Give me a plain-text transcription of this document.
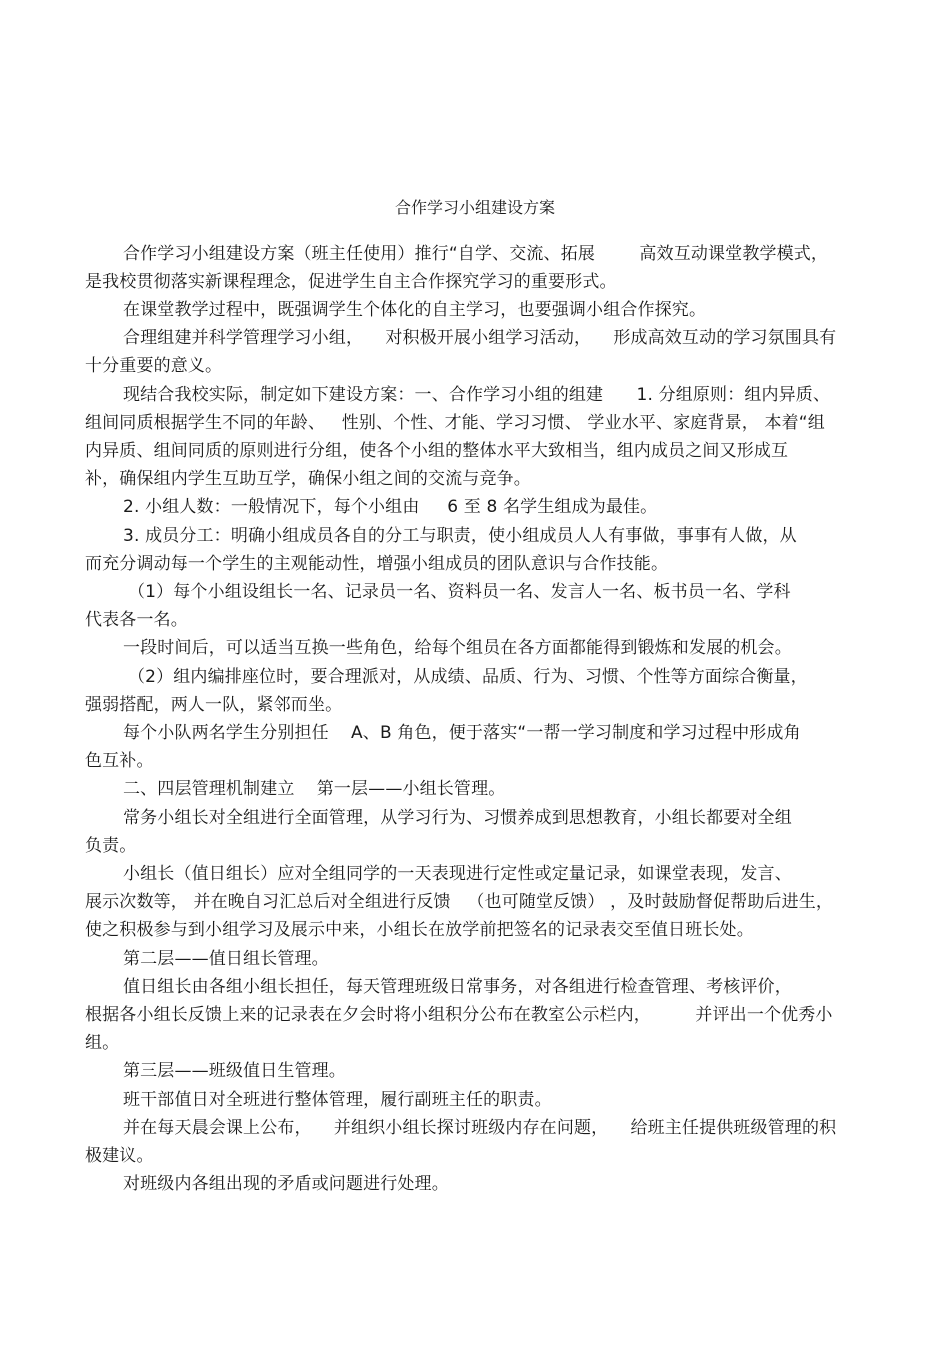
合作学习小组建设方案
合作学习小组建设方案（班主任使用）推行“自学、交流、拓展        高效互动课堂教学模式，
是我校贯彻落实新课程理念，促进学生自主合作探究学习的重要形式。
在课堂教学过程中，既强调学生个体化的自主学习，也要强调小组合作探究。
合理组建并科学管理学习小组，    对积极开展小组学习活动，    形成高效互动的学习氛围具有
十分重要的意义。
现结合我校实际，制定如下建设方案：一、合作学习小组的组建      1. 分组原则：组内异质、
组间同质根据学生不同的年龄、   性别、个性、才能、学习习惯、 学业水平、家庭背景， 本着“组
内异质、组间同质的原则进行分组，使各个小组的整体水平大致相当，组内成员之间又形成互
补，确保组内学生互助互学，确保小组之间的交流与竞争。
2. 小组人数：一般情况下，每个小组由     6 至 8 名学生组成为最佳。
3. 成员分工：明确小组成员各自的分工与职责，使小组成员人人有事做，事事有人做，从
而充分调动每一个学生的主观能动性，增强小组成员的团队意识与合作技能。
（1）每个小组设组长一名、记录员一名、资料员一名、发言人一名、板书员一名、学科
代表各一名。
一段时间后，可以适当互换一些角色，给每个组员在各方面都能得到锻炼和发展的机会。
（2）组内编排座位时，要合理派对，从成绩、品质、行为、习惯、个性等方面综合衡量，
强弱搭配，两人一队，紧邻而坐。
每个小队两名学生分别担任    A、B 角色，便于落实“一帮一学习制度和学习过程中形成角
色互补。
二、四层管理机制建立    第一层——小组长管理。
常务小组长对全组进行全面管理，从学习行为、习惯养成到思想教育，小组长都要对全组
负责。
小组长（值日组长）应对全组同学的一天表现进行定性或定量记录，如课堂表现，发言、
展示次数等， 并在晚自习汇总后对全组进行反馈   （也可随堂反馈） ，及时鼓励督促帮助后进生，
使之积极参与到小组学习及展示中来，小组长在放学前把签名的记录表交至值日班长处。
第二层——值日组长管理。
值日组长由各组小组长担任，每天管理班级日常事务，对各组进行检查管理、考核评价，
根据各小组长反馈上来的记录表在夕会时将小组积分公布在教室公示栏内，        并评出一个优秀小
组。
第三层——班级值日生管理。
班干部值日对全班进行整体管理，履行副班主任的职责。
并在每天晨会课上公布，    并组织小组长探讨班级内存在问题，    给班主任提供班级管理的积
极建议。
对班级内各组出现的矛盾或问题进行处理。
